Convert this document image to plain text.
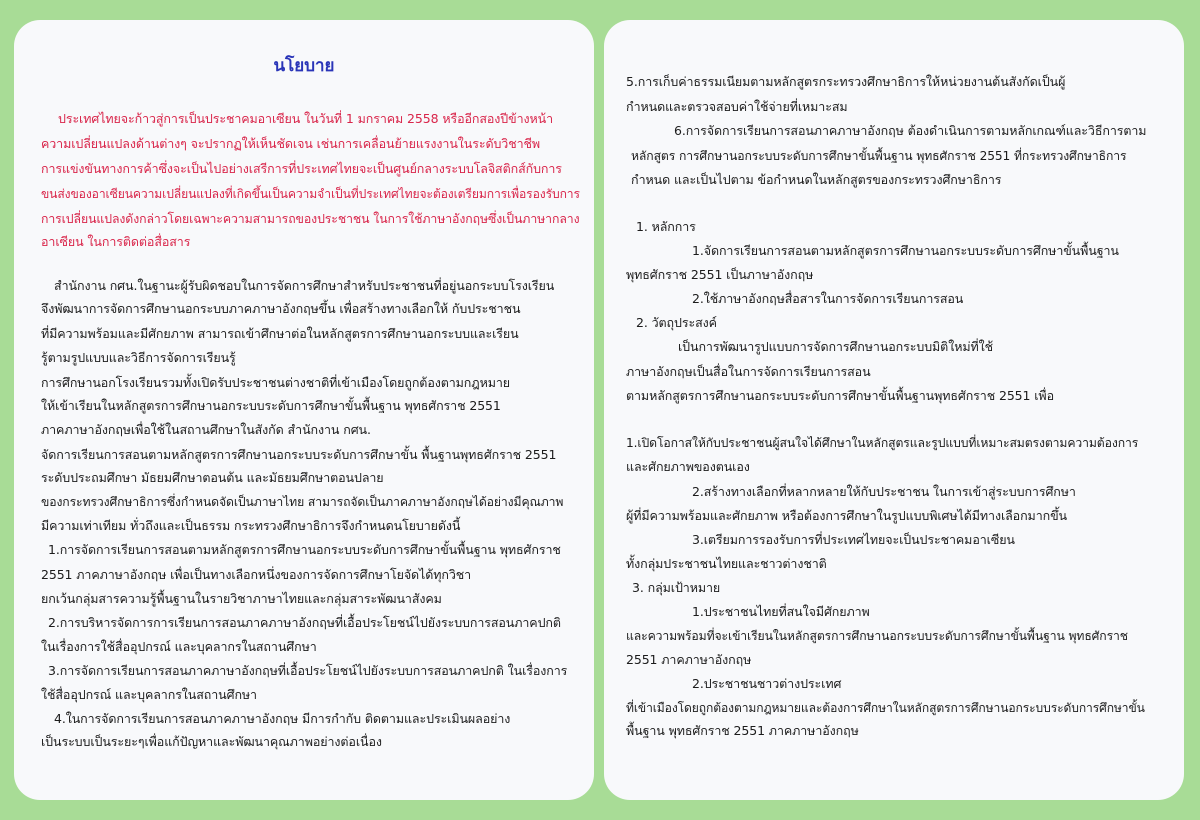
นโยบาย
ประเทศไทยจะก้าวสู่การเป็นประชาคมอาเซียน ในวันที่ 1 มกราคม 2558 หรืออีกสองปีข้างหน้า
ความเปลี่ยนแปลงด้านต่างๆ จะปรากฏให้เห็นชัดเจน เช่นการเคลื่อนย้ายแรงงานในระดับวิชาชีพ
การแข่งขันทางการค้าซึ่งจะเป็นไปอย่างเสรีการที่ประเทศไทยจะเป็นศูนย์กลางระบบโลจิสติกส์กับการ
ขนส่งของอาเซียนความเปลี่ยนแปลงที่เกิดขึ้นเป็นความจำเป็นที่ประเทศไทยจะต้องเตรียมการเพื่อรองรับการ
การเปลี่ยนแปลงดังกล่าวโดยเฉพาะความสามารถของประชาชน ในการใช้ภาษาอังกฤษซึ่งเป็นภาษากลาง
อาเซียน ในการติดต่อสื่อสาร
สำนักงาน กศน.ในฐานะผู้รับผิดชอบในการจัดการศึกษาสำหรับประชาชนที่อยู่นอกระบบโรงเรียน
จึงพัฒนาการจัดการศึกษานอกระบบภาคภาษาอังกฤษขึ้น เพื่อสร้างทางเลือกให้ กับประชาชน
ที่มีความพร้อมและมีศักยภาพ สามารถเข้าศึกษาต่อในหลักสูตรการศึกษานอกระบบและเรียน
รู้ตามรูปแบบและวิธีการจัดการเรียนรู้
การศึกษานอกโรงเรียนรวมทั้งเปิดรับประชาชนต่างชาติที่เข้าเมืองโดยถูกต้องตามกฎหมาย
ให้เข้าเรียนในหลักสูตรการศึกษานอกระบบระดับการศึกษาขั้นพื้นฐาน พุทธศักราช 2551
ภาคภาษาอังกฤษเพื่อใช้ในสถานศึกษาในสังกัด สำนักงาน กศน.
จัดการเรียนการสอนตามหลักสูตรการศึกษานอกระบบระดับการศึกษาขั้น พื้นฐานพุทธศักราช 2551
ระดับประถมศึกษา มัธยมศึกษาตอนต้น และมัธยมศึกษาตอนปลาย
ของกระทรวงศึกษาธิการซึ่งกำหนดจัดเป็นภาษาไทย สามารถจัดเป็นภาคภาษาอังกฤษได้อย่างมีคุณภาพ
มีความเท่าเทียม ทั่วถึงและเป็นธรรม กระทรวงศึกษาธิการจึงกำหนดนโยบายดังนี้
1.การจัดการเรียนการสอนตามหลักสูตรการศึกษานอกระบบระดับการศึกษาขั้นพื้นฐาน พุทธศักราช
2551 ภาคภาษาอังกฤษ เพื่อเป็นทางเลือกหนึ่งของการจัดการศึกษาโยจัดได้ทุกวิชา
ยกเว้นกลุ่มสารความรู้พื้นฐานในรายวิชาภาษาไทยและกลุ่มสาระพัฒนาสังคม
2.การบริหารจัดการการเรียนการสอนภาคภาษาอังกฤษที่เอื้อประโยชน์ไปยังระบบการสอนภาคปกติ
ในเรื่องการใช้สื่ออุปกรณ์ และบุคลากรในสถานศึกษา
3.การจัดการเรียนการสอนภาคภาษาอังกฤษที่เอื้อประโยชน์ไปยังระบบการสอนภาคปกติ ในเรื่องการ
ใช้สื่ออุปกรณ์ และบุคลากรในสถานศึกษา
4.ในการจัดการเรียนการสอนภาคภาษาอังกฤษ มีการกำกับ ติดตามและประเมินผลอย่าง
เป็นระบบเป็นระยะๆเพื่อแก้ปัญหาและพัฒนาคุณภาพอย่างต่อเนื่อง
5.การเก็บค่าธรรมเนียมตามหลักสูตรกระทรวงศึกษาธิการให้หน่วยงานต้นสังกัดเป็นผู้
กำหนดและตรวจสอบค่าใช้จ่ายที่เหมาะสม
6.การจัดการเรียนการสอนภาคภาษาอังกฤษ ต้องดำเนินการตามหลักเกณฑ์และวิธีการตาม
หลักสูตร การศึกษานอกระบบระดับการศึกษาขั้นพื้นฐาน พุทธศักราช 2551 ที่กระทรวงศึกษาธิการ
กำหนด และเป็นไปตาม ข้อกำหนดในหลักสูตรของกระทรวงศึกษาธิการ
1. หลักการ
1.จัดการเรียนการสอนตามหลักสูตรการศึกษานอกระบบระดับการศึกษาขั้นพื้นฐาน
พุทธศักราช 2551 เป็นภาษาอังกฤษ
2.ใช้ภาษาอังกฤษสื่อสารในการจัดการเรียนการสอน
2. วัตถุประสงค์
เป็นการพัฒนารูปแบบการจัดการศึกษานอกระบบมิติใหม่ที่ใช้
ภาษาอังกฤษเป็นสื่อในการจัดการเรียนการสอน
ตามหลักสูตรการศึกษานอกระบบระดับการศึกษาขั้นพื้นฐานพุทธศักราช 2551 เพื่อ
1.เปิดโอกาสให้กับประชาชนผู้สนใจได้ศึกษาในหลักสูตรและรูปแบบที่เหมาะสมตรงตามความต้องการ
และศักยภาพของตนเอง
2.สร้างทางเลือกที่หลากหลายให้กับประชาชน ในการเข้าสู่ระบบการศึกษา
ผู้ที่มีความพร้อมและศักยภาพ หรือต้องการศึกษาในรูปแบบพิเศษได้มีทางเลือกมากขึ้น
3.เตรียมการรองรับการที่ประเทศไทยจะเป็นประชาคมอาเซียน
ทั้งกลุ่มประชาชนไทยและชาวต่างชาติ
3. กลุ่มเป้าหมาย
1.ประชาชนไทยที่สนใจมีศักยภาพ
และความพร้อมที่จะเข้าเรียนในหลักสูตรการศึกษานอกระบบระดับการศึกษาขั้นพื้นฐาน พุทธศักราช
2551 ภาคภาษาอังกฤษ
2.ประชาชนชาวต่างประเทศ
ที่เข้าเมืองโดยถูกต้องตามกฎหมายและต้องการศึกษาในหลักสูตรการศึกษานอกระบบระดับการศึกษาขั้น
พื้นฐาน พุทธศักราช 2551 ภาคภาษาอังกฤษ
